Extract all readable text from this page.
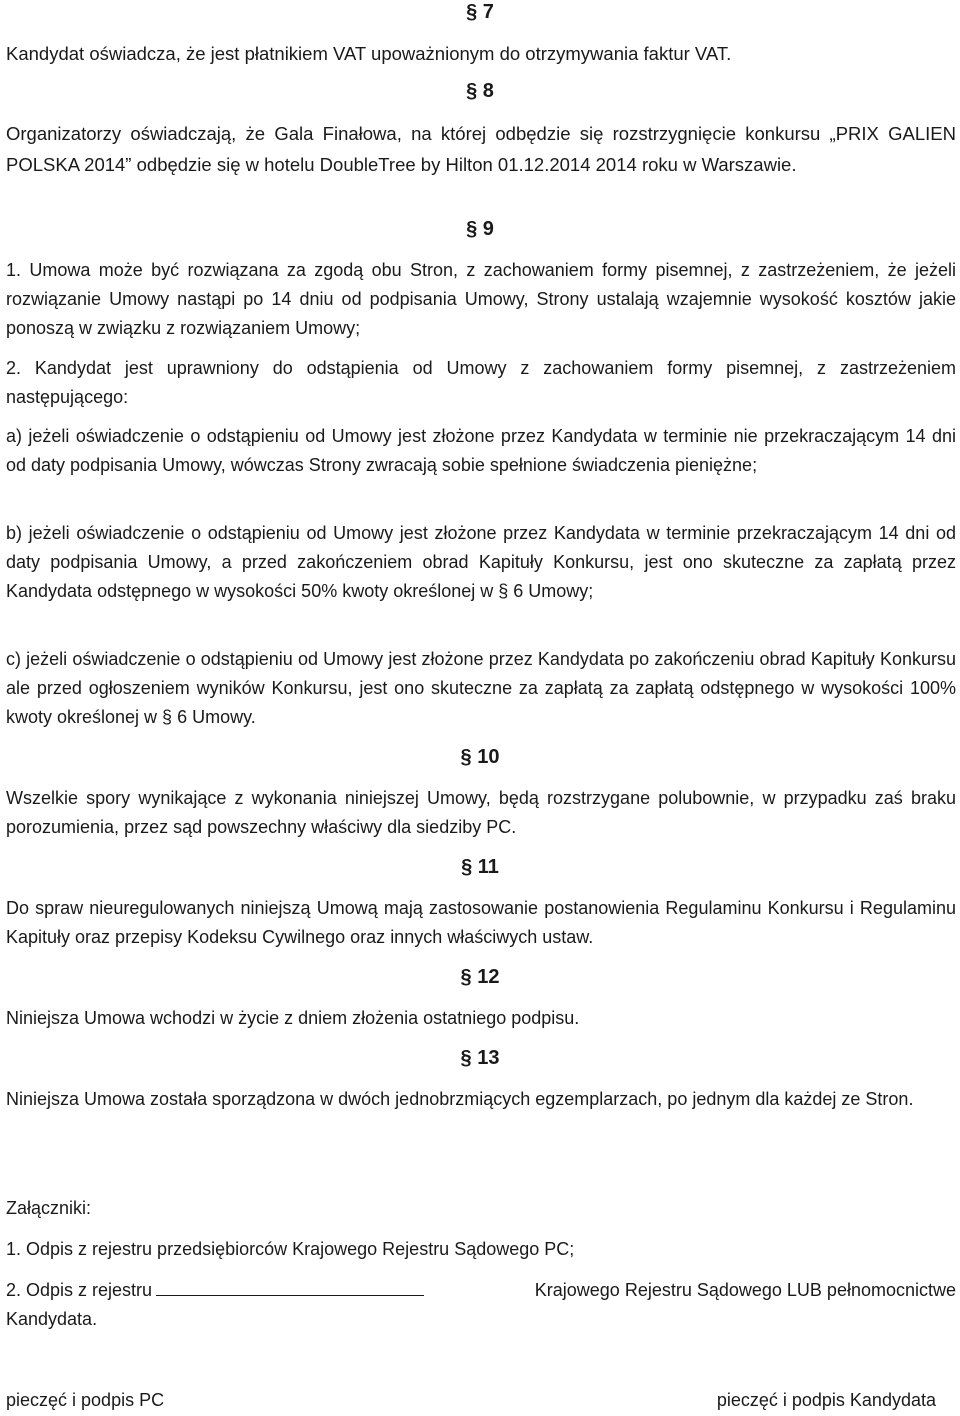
§ 7

Kandydat oświadcza, że jest płatnikiem VAT upoważnionym do otrzymywania faktur VAT.

§ 8

Organizatorzy oświadczają, że Gala Finałowa, na której odbędzie się rozstrzygnięcie konkursu „PRIX GALIEN POLSKA 2014” odbędzie się w hotelu DoubleTree by Hilton 01.12.2014 2014 roku w Warszawie.

§ 9

1. Umowa może być rozwiązana za zgodą obu Stron, z zachowaniem formy pisemnej, z zastrzeżeniem, że jeżeli rozwiązanie Umowy nastąpi po 14 dniu od podpisania Umowy, Strony ustalają wzajemnie wysokość kosztów jakie ponoszą w związku z rozwiązaniem Umowy;

2. Kandydat jest uprawniony do odstąpienia od Umowy z zachowaniem formy pisemnej, z zastrzeżeniem następującego:

a) jeżeli oświadczenie o odstąpieniu od Umowy jest złożone przez Kandydata w terminie nie przekraczającym 14 dni od daty podpisania Umowy, wówczas Strony zwracają sobie spełnione świadczenia pieniężne;

b) jeżeli oświadczenie o odstąpieniu od Umowy jest złożone przez Kandydata w terminie przekraczającym 14 dni od daty podpisania Umowy, a przed zakończeniem obrad Kapituły Konkursu, jest ono skuteczne za zapłatą przez Kandydata odstępnego w wysokości 50% kwoty określonej w § 6 Umowy;

c) jeżeli oświadczenie o odstąpieniu od Umowy jest złożone przez Kandydata po zakończeniu obrad Kapituły Konkursu ale przed ogłoszeniem wyników Konkursu, jest ono skuteczne za zapłatą za zapłatą odstępnego w wysokości 100% kwoty określonej w § 6 Umowy.

§ 10

Wszelkie spory wynikające z wykonania niniejszej Umowy, będą rozstrzygane polubownie, w przypadku zaś braku porozumienia, przez sąd powszechny właściwy dla siedziby PC.

§ 11

Do spraw nieuregulowanych niniejszą Umową mają zastosowanie postanowienia Regulaminu Konkursu i Regulaminu Kapituły oraz przepisy Kodeksu Cywilnego oraz innych właściwych ustaw.

§ 12

Niniejsza Umowa wchodzi w życie z dniem złożenia ostatniego podpisu.

§ 13

Niniejsza Umowa została sporządzona w dwóch jednobrzmiących egzemplarzach, po jednym dla każdej ze Stron.

Załączniki:
1. Odpis z rejestru przedsiębiorców Krajowego Rejestru Sądowego PC;
2. Odpis z rejestru	Krajowego Rejestru Sądowego LUB pełnomocnictwe
Kandydata.
pieczęć i podpis PC	pieczęć i podpis Kandydata
